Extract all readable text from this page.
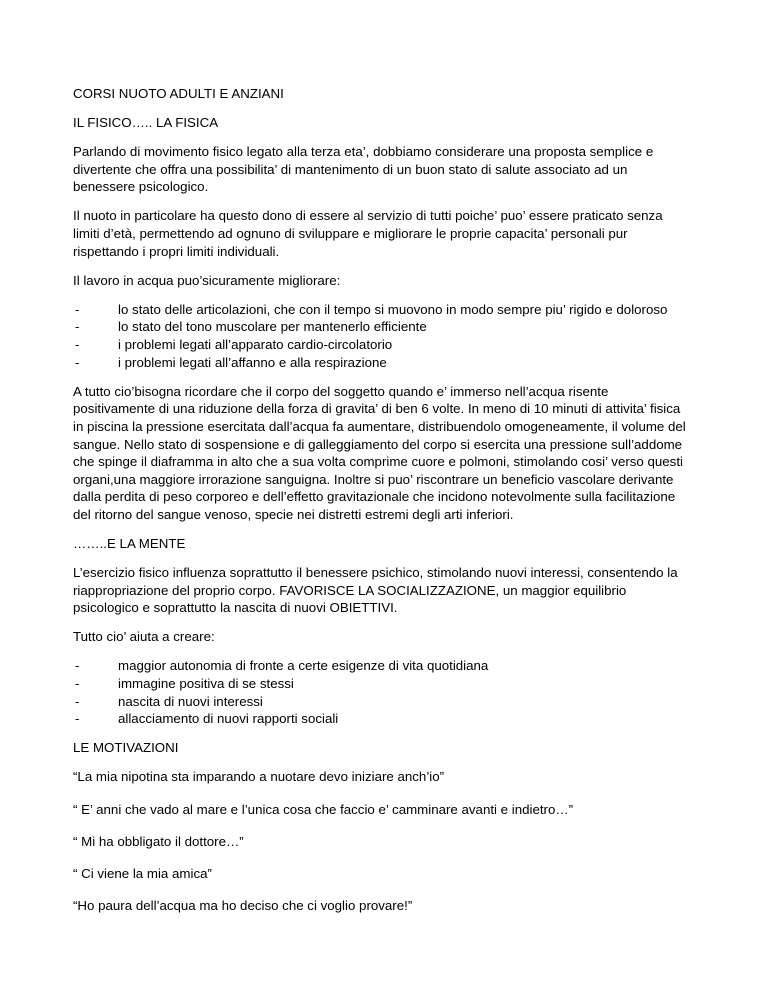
CORSI NUOTO ADULTI E ANZIANI

IL FISICO….. LA FISICA

Parlando di movimento fisico legato alla terza eta’, dobbiamo considerare una proposta semplice e divertente che offra una possibilita’ di mantenimento di un buon stato di salute associato ad un benessere psicologico.

Il nuoto in particolare ha questo dono di essere al servizio di tutti poiche’ puo’ essere praticato senza limiti d’età, permettendo ad ognuno di sviluppare e migliorare le proprie capacita’ personali pur rispettando i propri limiti individuali.

Il lavoro in acqua puo’sicuramente migliorare:

-	lo stato delle articolazioni, che con il tempo si muovono in modo sempre piu’ rigido e doloroso
-	lo stato del tono muscolare per mantenerlo efficiente
-	i problemi legati all’apparato cardio-circolatorio
-	i problemi legati all’affanno e alla respirazione

A tutto cio’bisogna ricordare che il corpo del soggetto quando e’ immerso nell’acqua risente positivamente di una riduzione della forza di gravita’ di ben 6 volte. In meno di 10 minuti di attivita’ fisica in piscina la pressione esercitata dall’acqua fa aumentare, distribuendolo omogeneamente, il volume del sangue. Nello stato di sospensione e di galleggiamento del corpo si esercita una pressione sull’addome che spinge il diaframma in alto che a sua volta comprime cuore e polmoni, stimolando cosi’ verso questi organi,una maggiore irrorazione sanguigna. Inoltre si puo’ riscontrare un beneficio vascolare derivante dalla perdita di peso corporeo e dell’effetto gravitazionale che incidono notevolmente sulla facilitazione del ritorno del sangue venoso, specie nei distretti estremi degli arti inferiori.

……..E LA MENTE

L’esercizio fisico influenza soprattutto il benessere psichico, stimolando nuovi interessi, consentendo la riappropriazione del proprio corpo. FAVORISCE LA SOCIALIZZAZIONE, un maggior equilibrio psicologico e soprattutto la nascita di nuovi OBIETTIVI.

Tutto cio’ aiuta a creare:

-	maggior autonomia di fronte a certe esigenze di vita quotidiana
-	immagine positiva di se stessi
-	nascita di nuovi interessi
-	allacciamento di nuovi rapporti sociali

LE MOTIVAZIONI

“La mia nipotina sta imparando a nuotare devo iniziare anch’io”

“ E’ anni che vado al mare e l’unica cosa che faccio e’ camminare avanti e indietro…”

“ Mi ha obbligato il dottore…”

“ Ci viene la mia amica”

“Ho paura dell’acqua ma ho deciso che ci voglio provare!”
